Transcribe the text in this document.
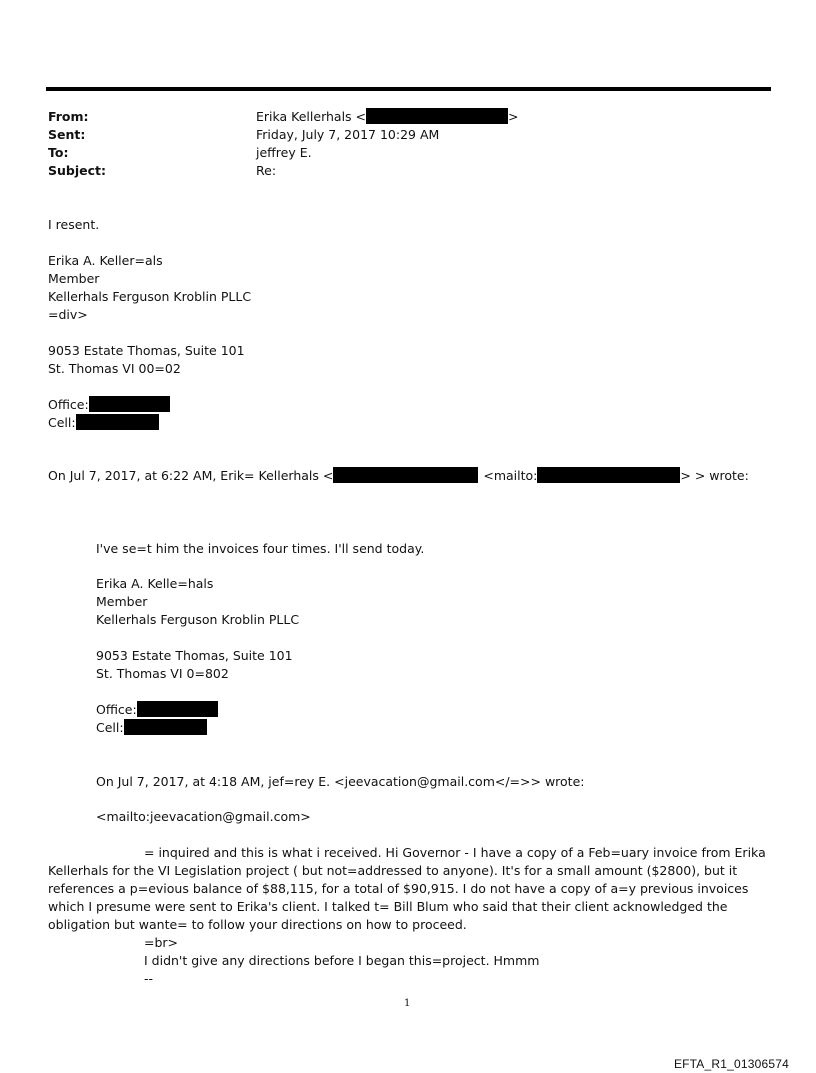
From:	Erika Kellerhals <	>
Sent:	Friday, July 7, 2017 10:29 AM
To:	jeffrey E.
Subject:	Re:
I resent.
Erika A. Keller=als
Member
Kellerhals Ferguson Kroblin PLLC
=div>
9053 Estate Thomas, Suite 101
St. Thomas VI 00=02
Office:
Cell:
On Jul 7, 2017, at 6:22 AM, Erik= Kellerhals <	<mailto:	> > wrote:
I've se=t him the invoices four times. I'll send today.
Erika A. Kelle=hals
Member
Kellerhals Ferguson Kroblin PLLC
9053 Estate Thomas, Suite 101
St. Thomas VI 0=802
Office:
Cell:
On Jul 7, 2017, at 4:18 AM, jef=rey E. <jeevacation@gmail.com</=>> wrote:
<mailto:jeevacation@gmail.com>
= inquired and this is what i received. Hi Governor - I have a copy of a Feb=uary invoice from Erika
Kellerhals for the VI Legislation project ( but not=addressed to anyone). It's for a small amount ($2800), but it references a p=evious balance of $88,115, for a total of $90,915. I do not have a copy of a=y previous invoices which I presume were sent to Erika's client. I talked t= Bill Blum who said that their client acknowledged the obligation but wante= to follow your directions on how to proceed.
=br>
I didn't give any directions before I began this=project. Hmmm
--
1
EFTA_R1_01306574
